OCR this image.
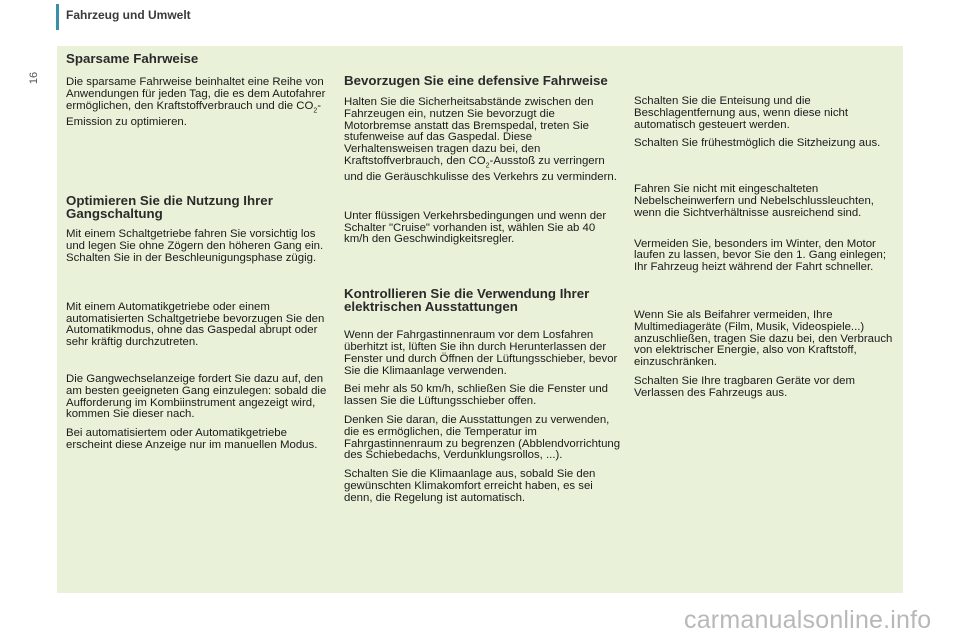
Fahrzeug und Umwelt
16
Sparsame Fahrweise

Die sparsame Fahrweise beinhaltet eine Reihe von Anwendungen für jeden Tag, die es dem Autofahrer ermöglichen, den Kraftstoffverbrauch und die $CO_2$-Emission zu optimieren.

Optimieren Sie die Nutzung Ihrer Gangschaltung

Mit einem Schaltgetriebe fahren Sie vorsichtig los und legen Sie ohne Zögern den höheren Gang ein. Schalten Sie in der Beschleunigungsphase zügig.

Mit einem Automatikgetriebe oder einem automatisierten Schaltgetriebe bevorzugen Sie den Automatikmodus, ohne das Gaspedal abrupt oder sehr kräftig durchzutreten.

Die Gangwechselanzeige fordert Sie dazu auf, den am besten geeigneten Gang einzulegen: sobald die Aufforderung im Kombiinstrument angezeigt wird, kommen Sie dieser nach.

Bei automatisiertem oder Automatikgetriebe erscheint diese Anzeige nur im manuellen Modus.

Bevorzugen Sie eine defensive Fahrweise

Halten Sie die Sicherheitsabstände zwischen den Fahrzeugen ein, nutzen Sie bevorzugt die Motorbremse anstatt das Bremspedal, treten Sie stufenweise auf das Gaspedal. Diese Verhaltensweisen tragen dazu bei, den Kraftstoffverbrauch, den $CO_2$-Ausstoß zu verringern und die Geräuschkulisse des Verkehrs zu vermindern.

Unter flüssigen Verkehrsbedingungen und wenn der Schalter "Cruise" vorhanden ist, wählen Sie ab 40 km/h den Geschwindigkeitsregler.

Kontrollieren Sie die Verwendung Ihrer elektrischen Ausstattungen

Wenn der Fahrgastinnenraum vor dem Losfahren überhitzt ist, lüften Sie ihn durch Herunterlassen der Fenster und durch Öffnen der Lüftungsschieber, bevor Sie die Klimaanlage verwenden.

Bei mehr als 50 km/h, schließen Sie die Fenster und lassen Sie die Lüftungsschieber offen.

Denken Sie daran, die Ausstattungen zu verwenden, die es ermöglichen, die Temperatur im Fahrgastinnenraum zu begrenzen (Abblendvorrichtung des Schiebedachs, Verdunklungsrollos, ...).

Schalten Sie die Klimaanlage aus, sobald Sie den gewünschten Klimakomfort erreicht haben, es sei denn, die Regelung ist automatisch.

Schalten Sie die Enteisung und die Beschlagentfernung aus, wenn diese nicht automatisch gesteuert werden.

Schalten Sie frühestmöglich die Sitzheizung aus.

Fahren Sie nicht mit eingeschalteten Nebelscheinwerfern und Nebelschlussleuchten, wenn die Sichtverhältnisse ausreichend sind.

Vermeiden Sie, besonders im Winter, den Motor laufen zu lassen, bevor Sie den 1. Gang einlegen; Ihr Fahrzeug heizt während der Fahrt schneller.

Wenn Sie als Beifahrer vermeiden, Ihre Multimediageräte (Film, Musik, Videospiele...) anzuschließen, tragen Sie dazu bei, den Verbrauch von elektrischer Energie, also von Kraftstoff, einzuschränken.

Schalten Sie Ihre tragbaren Geräte vor dem Verlassen des Fahrzeugs aus.

carmanualsonline.info
